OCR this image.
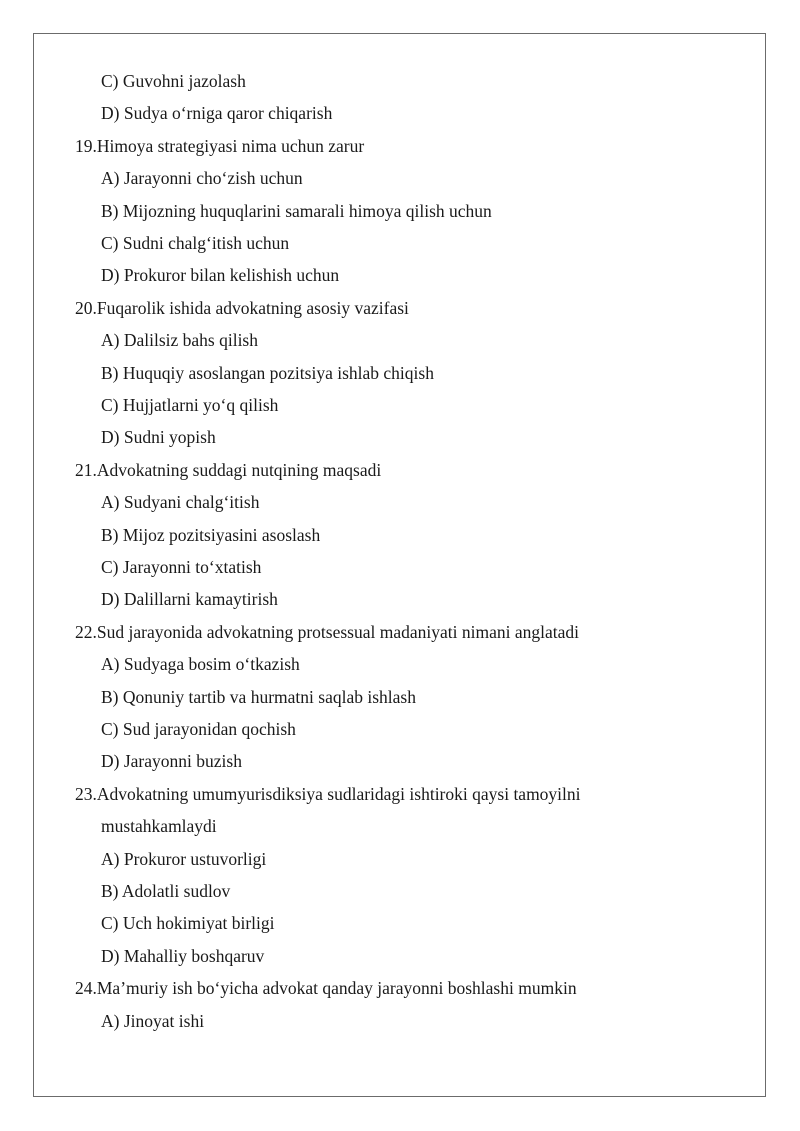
C) Guvohni jazolash
D) Sudya o‘rniga qaror chiqarish
19.Himoya strategiyasi nima uchun zarur
A) Jarayonni cho‘zish uchun
B) Mijozning huquqlarini samarali himoya qilish uchun
C) Sudni chalg‘itish uchun
D) Prokuror bilan kelishish uchun
20.Fuqarolik ishida advokatning asosiy vazifasi
A) Dalilsiz bahs qilish
B) Huquqiy asoslangan pozitsiya ishlab chiqish
C) Hujjatlarni yo‘q qilish
D) Sudni yopish
21.Advokatning suddagi nutqining maqsadi
A) Sudyani chalg‘itish
B) Mijoz pozitsiyasini asoslash
C) Jarayonni to‘xtatish
D) Dalillarni kamaytirish
22.Sud jarayonida advokatning protsessual madaniyati nimani anglatadi
A) Sudyaga bosim o‘tkazish
B) Qonuniy tartib va hurmatni saqlab ishlash
C) Sud jarayonidan qochish
D) Jarayonni buzish
23.Advokatning umumyurisdiksiya sudlaridagi ishtiroki qaysi tamoyilni
mustahkamlaydi
A) Prokuror ustuvorligi
B) Adolatli sudlov
C) Uch hokimiyat birligi
D) Mahalliy boshqaruv
24.Ma’muriy ish bo‘yicha advokat qanday jarayonni boshlashi mumkin
A) Jinoyat ishi
